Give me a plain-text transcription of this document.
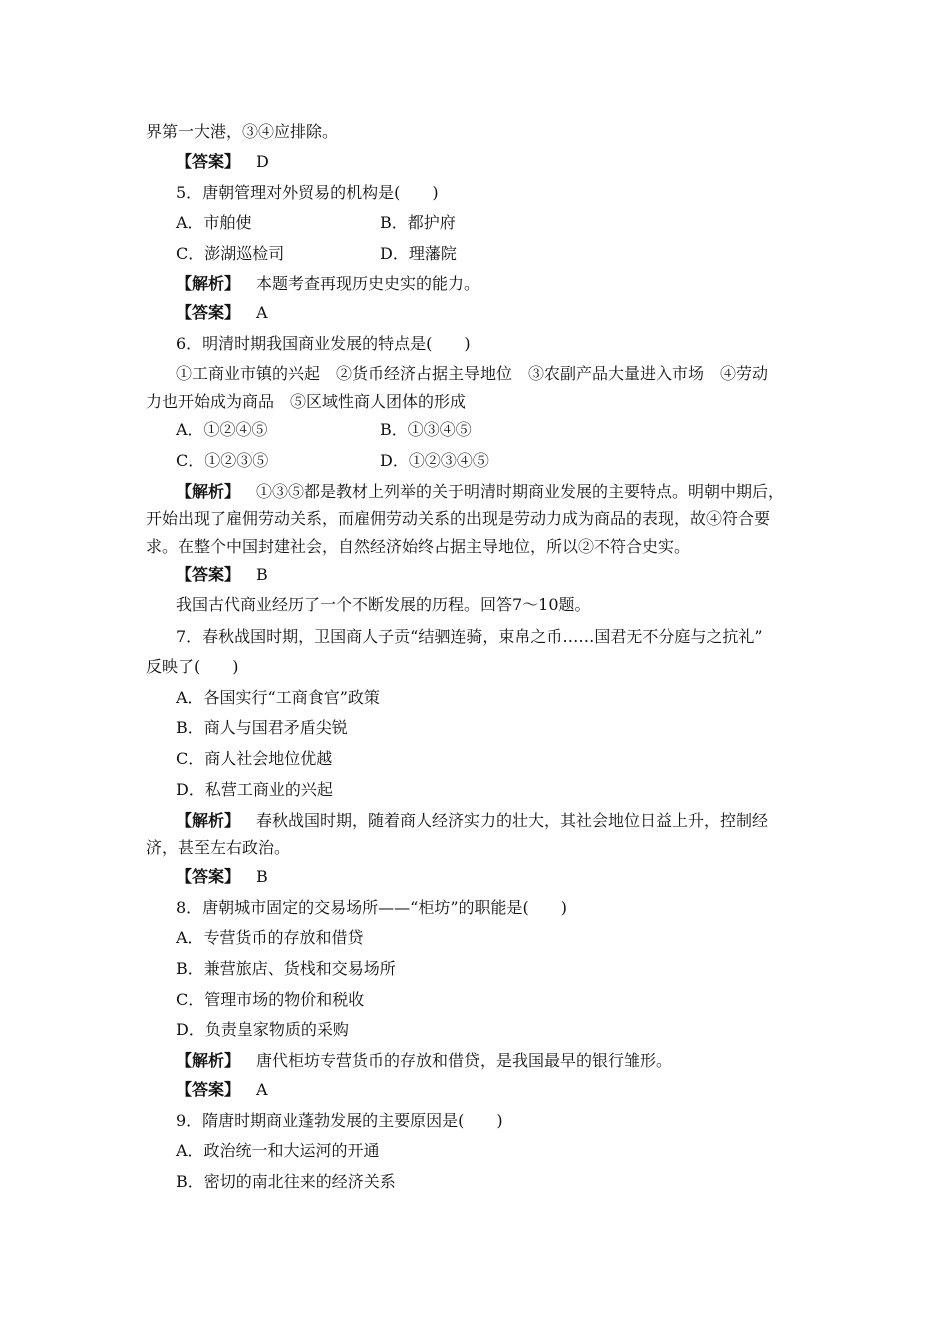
界第一大港，③④应排除。
【答案】 D
5．唐朝管理对外贸易的机构是(　　)
A．市舶使	B．都护府
C．澎湖巡检司	D．理藩院
【解析】 本题考查再现历史史实的能力。
【答案】 A
6．明清时期我国商业发展的特点是(　　)
①工商业市镇的兴起　②货币经济占据主导地位　③农副产品大量进入市场　④劳动
力也开始成为商品　⑤区域性商人团体的形成
A．①②④⑤	B．①③④⑤
C．①②③⑤	D．①②③④⑤
【解析】 ①③⑤都是教材上列举的关于明清时期商业发展的主要特点。明朝中期后，
开始出现了雇佣劳动关系，而雇佣劳动关系的出现是劳动力成为商品的表现，故④符合要
求。在整个中国封建社会，自然经济始终占据主导地位，所以②不符合史实。
【答案】 B
我国古代商业经历了一个不断发展的历程。回答7～10题。
7．春秋战国时期，卫国商人子贡“结驷连骑，束帛之币……国君无不分庭与之抗礼”
反映了(　　)
A．各国实行“工商食官”政策
B．商人与国君矛盾尖锐
C．商人社会地位优越
D．私营工商业的兴起
【解析】 春秋战国时期，随着商人经济实力的壮大，其社会地位日益上升，控制经
济，甚至左右政治。
【答案】 B
8．唐朝城市固定的交易场所——“柜坊”的职能是(　　)
A．专营货币的存放和借贷
B．兼营旅店、货栈和交易场所
C．管理市场的物价和税收
D．负责皇家物质的采购
【解析】 唐代柜坊专营货币的存放和借贷，是我国最早的银行雏形。
【答案】 A
9．隋唐时期商业蓬勃发展的主要原因是(　　)
A．政治统一和大运河的开通
B．密切的南北往来的经济关系
